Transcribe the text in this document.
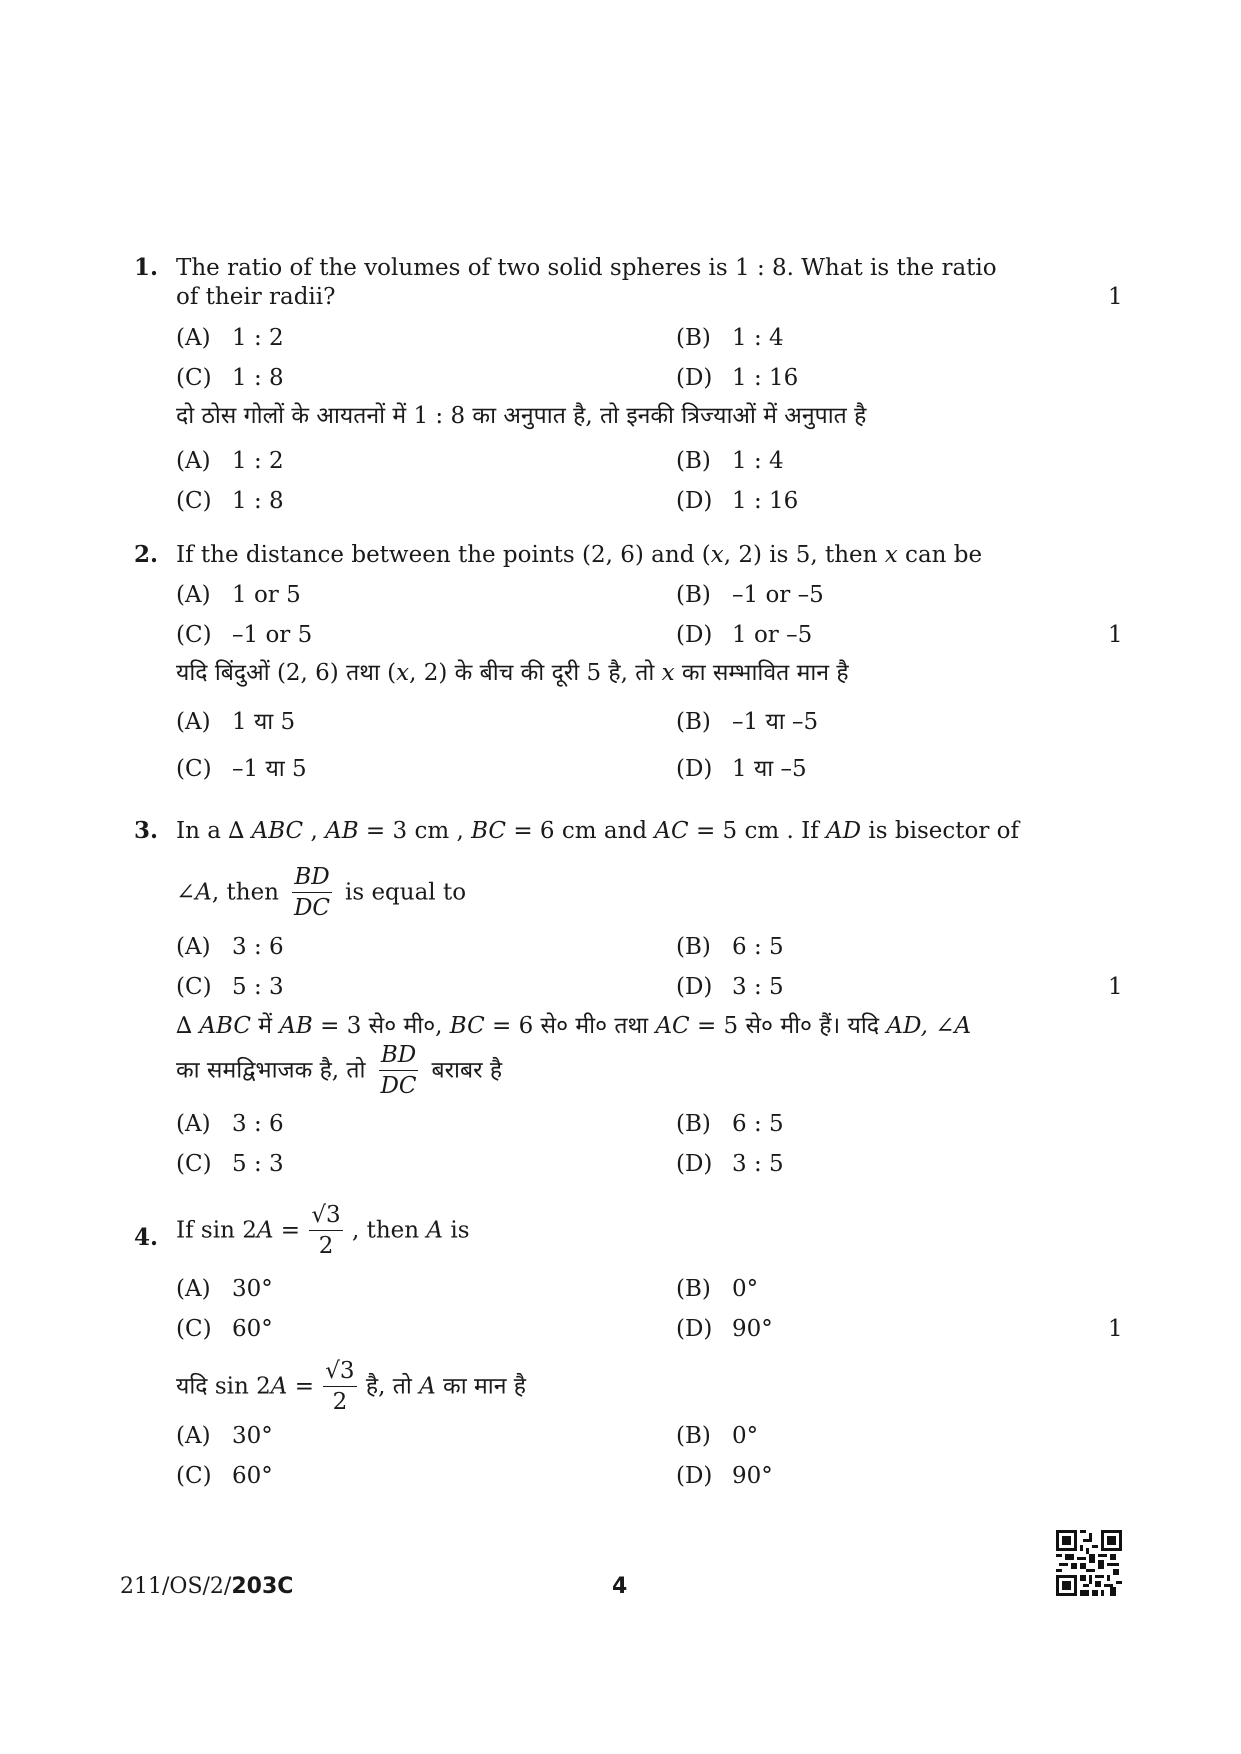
1. The ratio of the volumes of two solid spheres is 1 : 8. What is the ratio
of their radii?	1
(A) 1 : 2	(B) 1 : 4
(C) 1 : 8	(D) 1 : 16
दो ठोस गोलों के आयतनों में 1 : 8 का अनुपात है, तो इनकी त्रिज्याओं में अनुपात है
(A) 1 : 2	(B) 1 : 4
(C) 1 : 8	(D) 1 : 16
2. If the distance between the points (2, 6) and (x, 2) is 5, then x can be
(A) 1 or 5	(B) –1 or –5
(C) –1 or 5	(D) 1 or –5	1
यदि बिंदुओं (2, 6) तथा (x, 2) के बीच की दूरी 5 है, तो x का सम्भावित मान है
(A) 1 या 5	(B) –1 या –5
(C) –1 या 5	(D) 1 या –5
3. In a ∆ ABC , AB = 3 cm , BC = 6 cm and AC = 5 cm . If AD is bisector of
∠A, then $\frac{BD}{DC}$ is equal to
(A) 3 : 6	(B) 6 : 5
(C) 5 : 3	(D) 3 : 5	1
∆ ABC में AB = 3 से० मी०, BC = 6 से० मी० तथा AC = 5 से० मी० हैं। यदि AD, ∠A
का समद्विभाजक है, तो $\frac{BD}{DC}$ बराबर है
(A) 3 : 6	(B) 6 : 5
(C) 5 : 3	(D) 3 : 5
4. If $\sin 2A = \frac{√3}{2}$ , then A is
(A) 30°	(B) 0°
(C) 60°	(D) 90°	1
यदि $\sin 2A = \frac{√3}{2}$ है, तो A का मान है
(A) 30°	(B) 0°
(C) 60°	(D) 90°
211/OS/2/203C	4
